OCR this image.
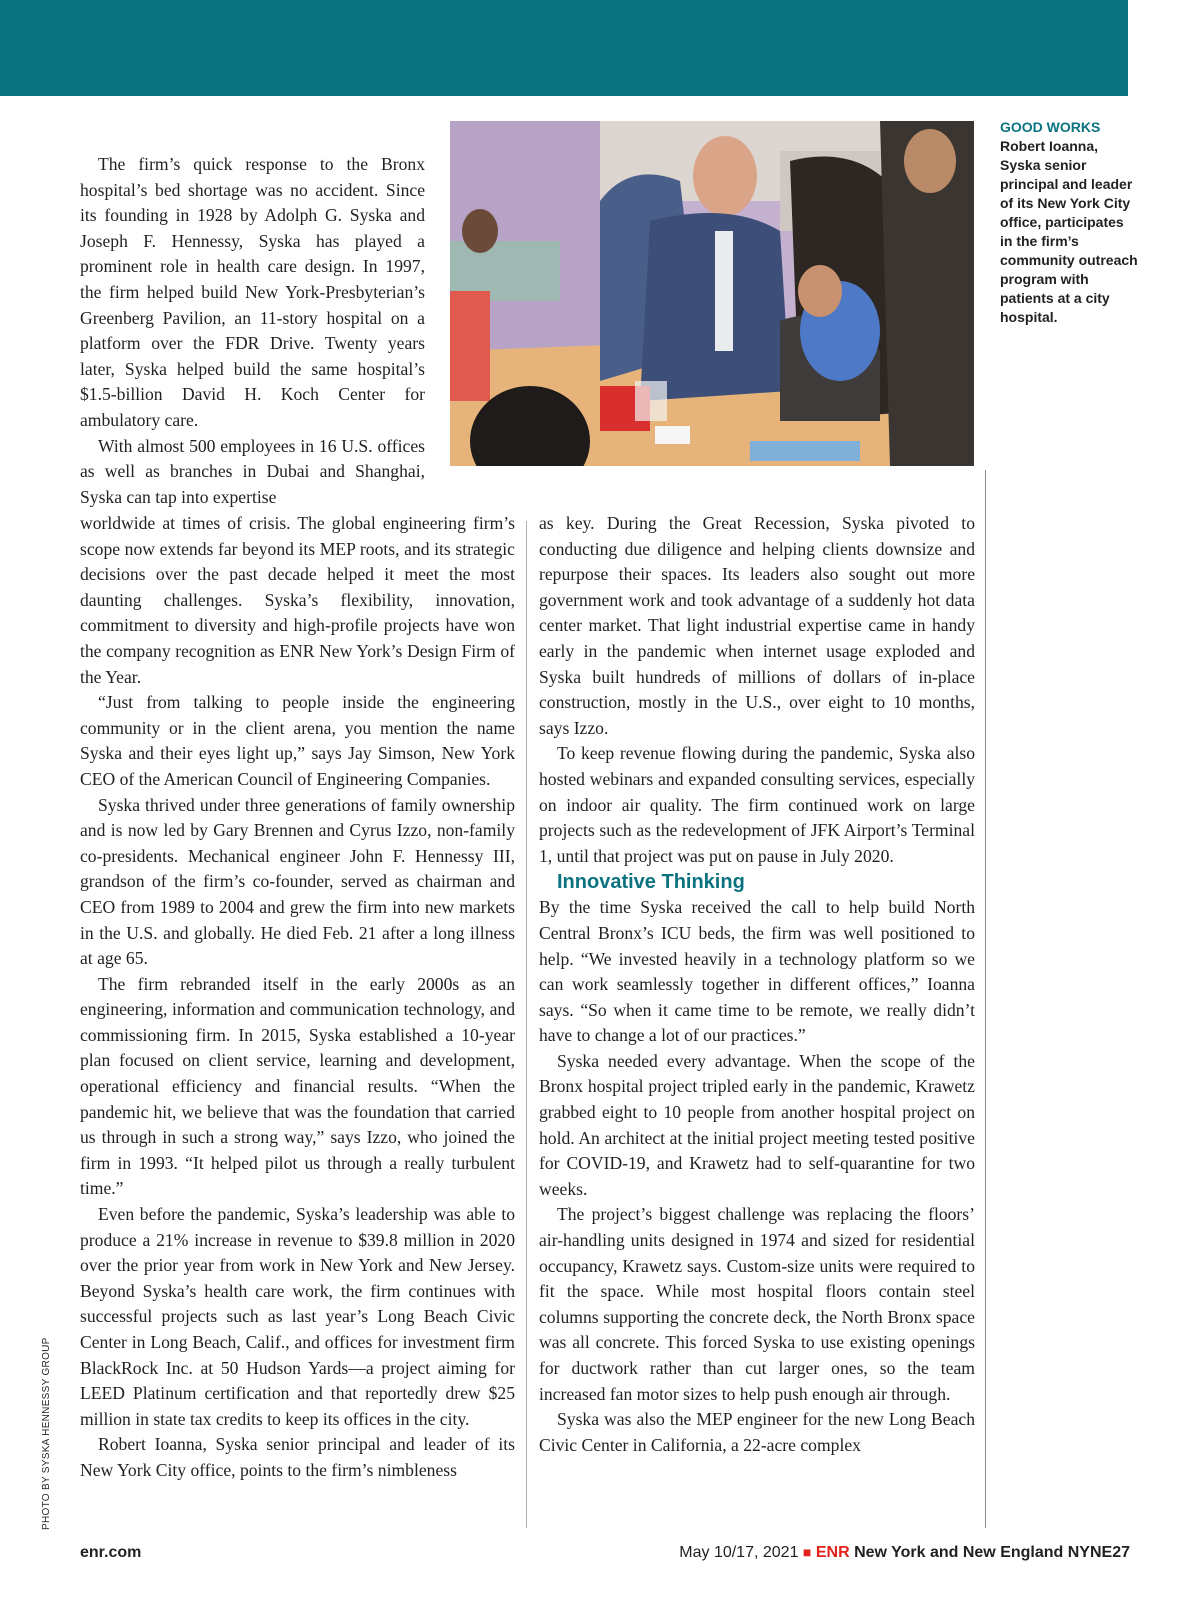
GOOD WORKS
Robert Ioanna, Syska senior principal and leader of its New York City office, participates in the firm’s community outreach program with patients at a city hospital.
PHOTO BY SYSKA HENNESSY GROUP

The firm’s quick response to the Bronx hospital’s bed shortage was no accident. Since its founding in 1928 by Adolph G. Syska and Joseph F. Hennessy, Syska has played a prominent role in health care design. In 1997, the firm helped build New York-Presbyterian’s Greenberg Pavilion, an 11-story hospital on a platform over the FDR Drive. Twenty years later, Syska helped build the same hospital’s $1.5-billion David H. Koch Center for ambulatory care.

With almost 500 employees in 16 U.S. offices as well as branches in Dubai and Shanghai, Syska can tap into expertise

worldwide at times of crisis. The global engineering firm’s scope now extends far beyond its MEP roots, and its strategic decisions over the past decade helped it meet the most daunting challenges. Syska’s flexibility, innovation, commitment to diversity and high-profile projects have won the company recognition as ENR New York’s Design Firm of the Year.

“Just from talking to people inside the engineering community or in the client arena, you mention the name Syska and their eyes light up,” says Jay Simson, New York CEO of the American Council of Engineering Companies.

Syska thrived under three generations of family ownership and is now led by Gary Brennen and Cyrus Izzo, non-family co-presidents. Mechanical engineer John F. Hennessy III, grandson of the firm’s co-founder, served as chairman and CEO from 1989 to 2004 and grew the firm into new markets in the U.S. and globally. He died Feb. 21 after a long illness at age 65.

The firm rebranded itself in the early 2000s as an engineering, information and communication technology, and commissioning firm. In 2015, Syska established a 10-year plan focused on client service, learning and development, operational efficiency and financial results. “When the pandemic hit, we believe that was the foundation that carried us through in such a strong way,” says Izzo, who joined the firm in 1993. “It helped pilot us through a really turbulent time.”

Even before the pandemic, Syska’s leadership was able to produce a 21% increase in revenue to $39.8 million in 2020 over the prior year from work in New York and New Jersey. Beyond Syska’s health care work, the firm continues with successful projects such as last year’s Long Beach Civic Center in Long Beach, Calif., and offices for investment firm BlackRock Inc. at 50 Hudson Yards—a project aiming for LEED Platinum certification and that reportedly drew $25 million in state tax credits to keep its offices in the city.

Robert Ioanna, Syska senior principal and leader of its New York City office, points to the firm’s nimbleness

as key. During the Great Recession, Syska pivoted to conducting due diligence and helping clients downsize and repurpose their spaces. Its leaders also sought out more government work and took advantage of a suddenly hot data center market. That light industrial expertise came in handy early in the pandemic when internet usage exploded and Syska built hundreds of millions of dollars of in-place construction, mostly in the U.S., over eight to 10 months, says Izzo.

To keep revenue flowing during the pandemic, Syska also hosted webinars and expanded consulting services, especially on indoor air quality. The firm continued work on large projects such as the redevelopment of JFK Airport’s Terminal 1, until that project was put on pause in July 2020.

Innovative Thinking

By the time Syska received the call to help build North Central Bronx’s ICU beds, the firm was well positioned to help. “We invested heavily in a technology platform so we can work seamlessly together in different offices,” Ioanna says. “So when it came time to be remote, we really didn’t have to change a lot of our practices.”

Syska needed every advantage. When the scope of the Bronx hospital project tripled early in the pandemic, Krawetz grabbed eight to 10 people from another hospital project on hold. An architect at the initial project meeting tested positive for COVID-19, and Krawetz had to self-quarantine for two weeks.

The project’s biggest challenge was replacing the floors’ air-handling units designed in 1974 and sized for residential occupancy, Krawetz says. Custom-size units were required to fit the space. While most hospital floors contain steel columns supporting the concrete deck, the North Bronx space was all concrete. This forced Syska to use existing openings for ductwork rather than cut larger ones, so the team increased fan motor sizes to help push enough air through.

Syska was also the MEP engineer for the new Long Beach Civic Center in California, a 22-acre complex

enr.com	May 10/17, 2021 ■ ENR New York and New England NYNE27
